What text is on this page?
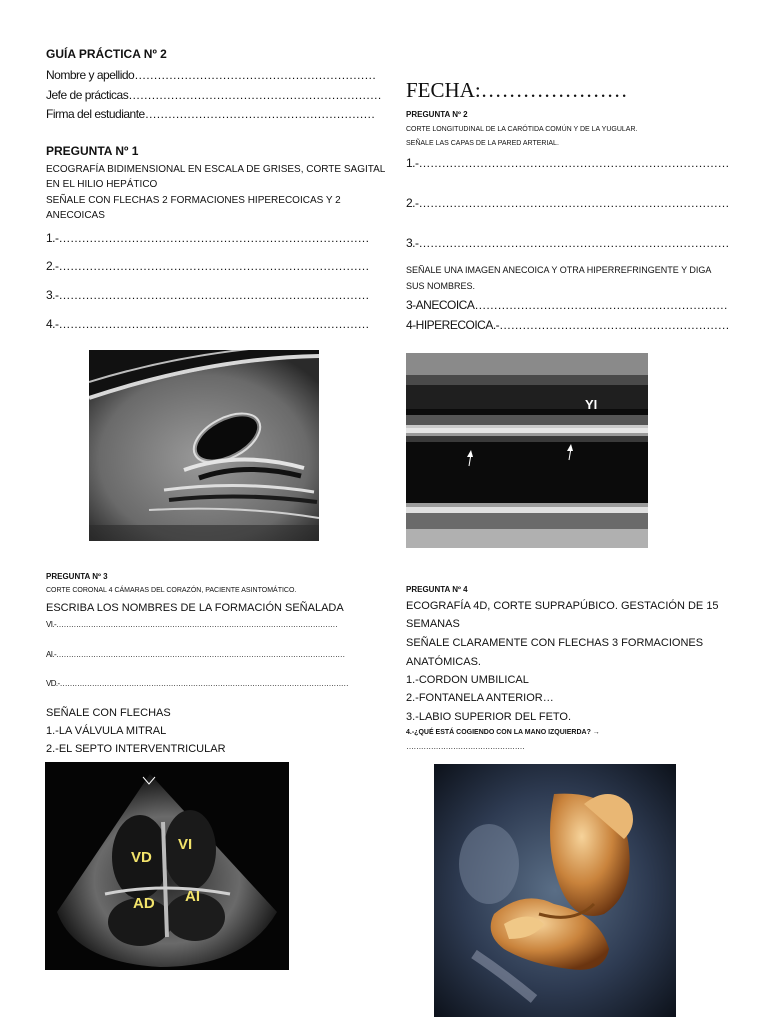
GUÍA PRÁCTICA Nº 2
Nombre y apellido………………………………………………………
Jefe de prácticas…………………………………………………………
Firma del estudiante……………………………………………………
FECHA:…………………
PREGUNTA Nº 1
ECOGRAFÍA BIDIMENSIONAL EN ESCALA DE GRISES, CORTE SAGITAL
EN EL HILIO HEPÁTICO
SEÑALE CON FLECHAS 2 FORMACIONES HIPERECOICAS Y 2
ANECOICAS
1.-………………………………………………………………………
2.-………………………………………………………………………
3.-………………………………………………………………………
4.-………………………………………………………………………
PREGUNTA Nº 2
CORTE LONGITUDINAL DE LA CARÓTIDA COMÚN Y DE LA YUGULAR.
SEÑALE LAS CAPAS DE LA PARED ARTERIAL.
1.-………………………………………………………………………
2.-………………………………………………………………………
3.-………………………………………………………………………
SEÑALE UNA IMAGEN ANECOICA Y OTRA HIPERREFRINGENTE Y DIGA
SUS NOMBRES.
3-ANECOICA…………………………………………………………
4-HIPERECOICA.-……………………………………………………
YI
PREGUNTA Nº 3
CORTE CORONAL 4 CÁMARAS DEL CORAZÓN, PACIENTE ASINTOMÁTICO.
ESCRIBA LOS NOMBRES DE LA FORMACIÓN SEÑALADA
VI.-……………………………………………………………………………………………………
AI.-………………………………………………………………………………………………………
VD.-………………………………………………………………………………………………………
SEÑALE CON FLECHAS
1.-LA VÁLVULA MITRAL
2.-EL SEPTO INTERVENTRICULAR
VD
VI
AD AI
PREGUNTA Nº 4
ECOGRAFÍA 4D, CORTE SUPRAPÚBICO. GESTACIÓN DE 15
SEMANAS
SEÑALE CLARAMENTE CON FLECHAS 3 FORMACIONES
ANATÓMICAS.
1.-CORDON UMBILICAL
2.-FONTANELA ANTERIOR…
3.-LABIO SUPERIOR DEL FETO.
4.-¿QUÉ ESTÁ COGIENDO CON LA MANO IZQUIERDA? →
…………………………………………
